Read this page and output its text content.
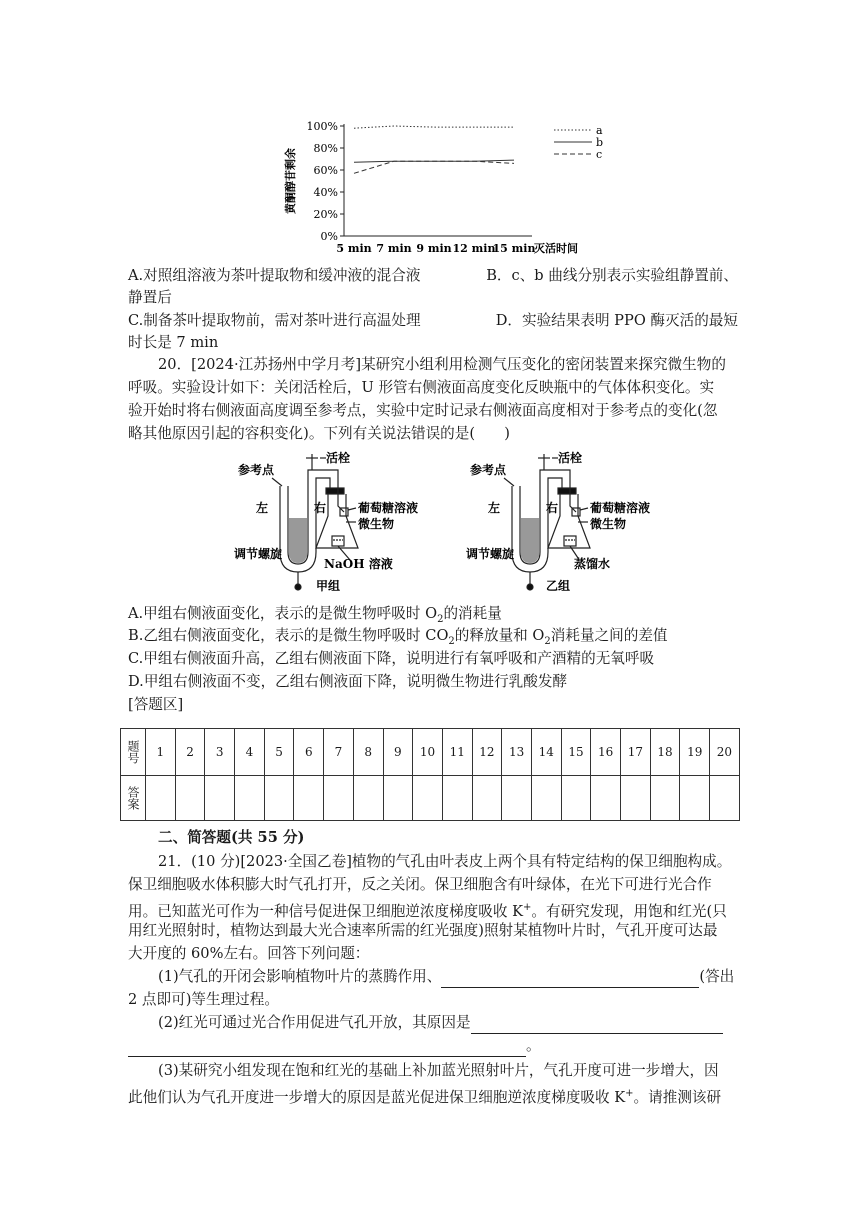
100%
80%
60%
40%
20%
0%
5 min 7 min 9 min 12 min
15 min
灭活时间
黄酮醇苷剩余
a
b
c
A.对照组溶液为茶叶提取物和缓冲液的混合液	B．c、b 曲线分别表示实验组静置前、
静置后
C.制备茶叶提取物前，需对茶叶进行高温处理	D．实验结果表明 PPO 酶灭活的最短
时长是 7 min
20．[2024·江苏扬州中学月考]某研究小组利用检测气压变化的密闭装置来探究微生物的
呼吸。实验设计如下：关闭活栓后，U 形管右侧液面高度变化反映瓶中的气体体积变化。实
验开始时将右侧液面高度调至参考点，实验中定时记录右侧液面高度相对于参考点的变化(忽
略其他原因引起的容积变化)。下列有关说法错误的是(　　)
参考点
活栓
左	右	葡萄糖溶液
微生物
调节螺旋
NaOH 溶液
甲组
参考点
活栓
左	右	葡萄糖溶液
微生物
调节螺旋
蒸馏水
乙组
A.甲组右侧液面变化，表示的是微生物呼吸时 $O_2$的消耗量
B.乙组右侧液面变化，表示的是微生物呼吸时 $CO_2$的释放量和 $O_2$消耗量之间的差值
C.甲组右侧液面升高，乙组右侧液面下降，说明进行有氧呼吸和产酒精的无氧呼吸
D.甲组右侧液面不变，乙组右侧液面下降，说明微生物进行乳酸发酵
[答题区]
题号	1	2	3	4	5	6	7	8	9	10	11	12	13	14	15	16	17	18	19	20
答案																				
二、简答题(共 55 分)
21．(10 分)[2023·全国乙卷]植物的气孔由叶表皮上两个具有特定结构的保卫细胞构成。
保卫细胞吸水体积膨大时气孔打开，反之关闭。保卫细胞含有叶绿体，在光下可进行光合作
用。已知蓝光可作为一种信号促进保卫细胞逆浓度梯度吸收 K+。有研究发现，用饱和红光(只
用红光照射时，植物达到最大光合速率所需的红光强度)照射某植物叶片时，气孔开度可达最
大开度的 60%左右。回答下列问题：
(1)气孔的开闭会影响植物叶片的蒸腾作用、	(答出
2 点即可)等生理过程。
(2)红光可通过光合作用促进气孔开放，其原因是
。
(3)某研究小组发现在饱和红光的基础上补加蓝光照射叶片，气孔开度可进一步增大，因
此他们认为气孔开度进一步增大的原因是蓝光促进保卫细胞逆浓度梯度吸收 K+。请推测该研
